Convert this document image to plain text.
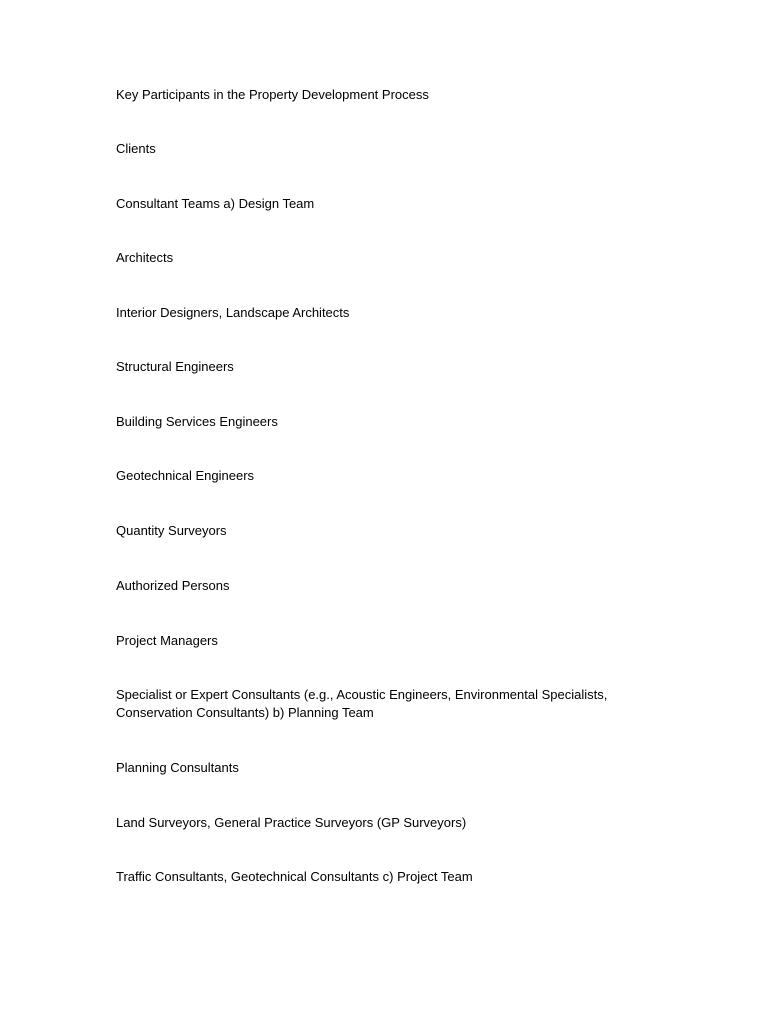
Key Participants in the Property Development Process

Clients

Consultant Teams a) Design Team

Architects

Interior Designers, Landscape Architects

Structural Engineers

Building Services Engineers

Geotechnical Engineers

Quantity Surveyors

Authorized Persons

Project Managers

Specialist or Expert Consultants (e.g., Acoustic Engineers, Environmental Specialists, Conservation Consultants) b) Planning Team

Planning Consultants

Land Surveyors, General Practice Surveyors (GP Surveyors)

Traffic Consultants, Geotechnical Consultants c) Project Team
